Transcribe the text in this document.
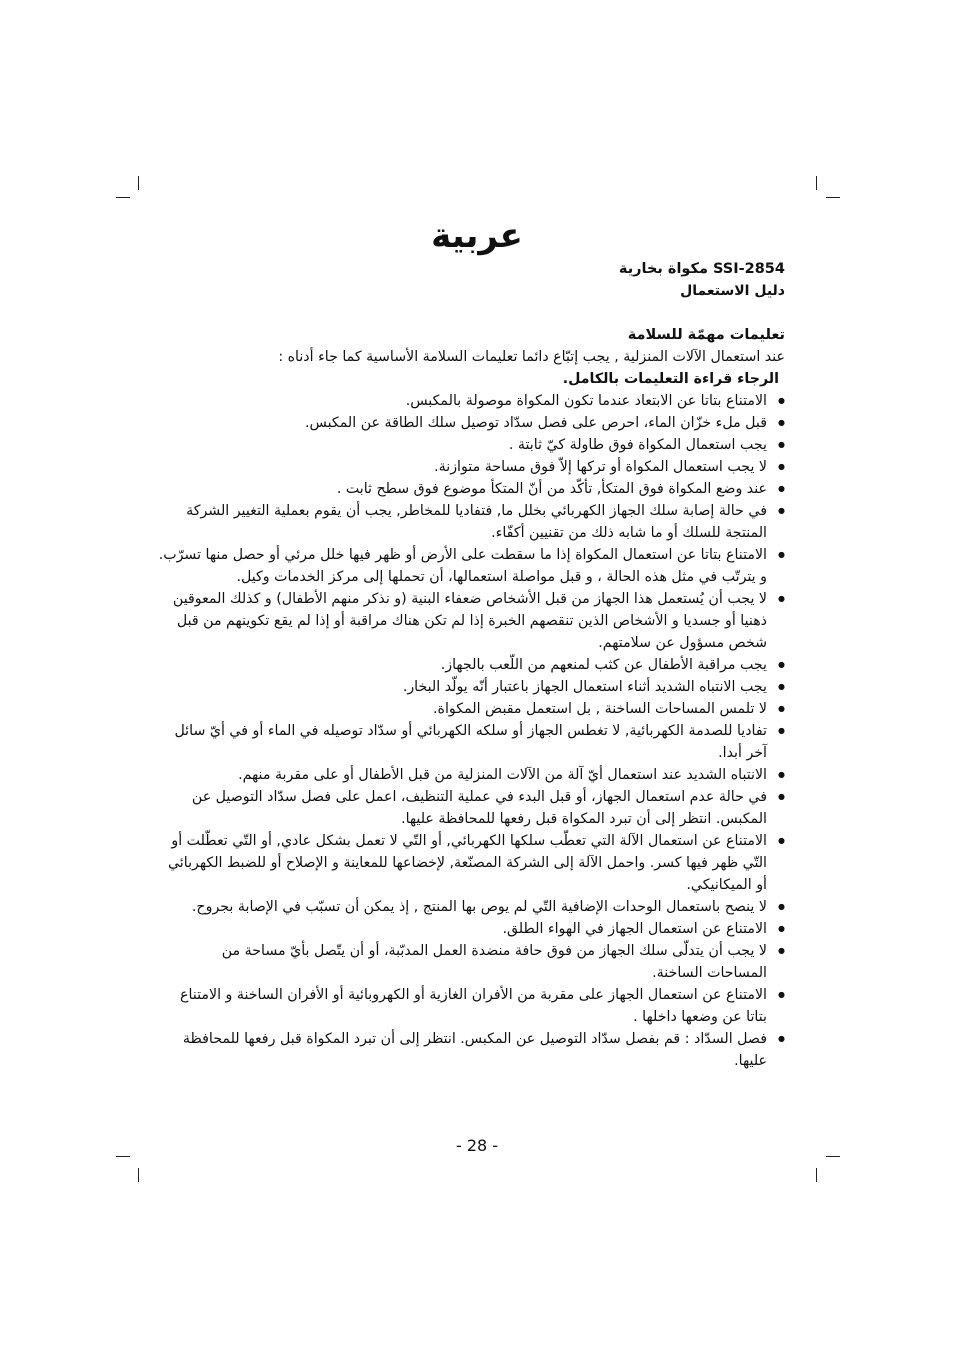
عربية
SSI-2854 مكواة بخارية
دليل الاستعمال
تعليمات مهمّة للسلامة
عند استعمال الآلات المنزلية , يجب إتبّاع دائما تعليمات السلامة الأساسية كما جاء أدناه :
الرجاء قراءة التعليمات بالكامل.
● الامتناع بتاتا عن الابتعاد عندما تكون المكواة موصولة بالمكبس.
● قبل ملء خزّان الماء، احرص على فصل سدّاد توصيل سلك الطاقة عن المكبس.
● يجب استعمال المكواة فوق طاولة كيّ ثابتة .
● لا يجب استعمال المكواة أو تركها إلاّ فوق مساحة متوازنة.
● عند وضع المكواة فوق المتكأ, تأكّد من أنّ المتكأ موضوع فوق سطح ثابت .
● في حالة إصابة سلك الجهاز الكهربائي بخلل ما, فتفاديا للمخاطر, يجب أن يقوم بعملية التغيير الشركة المنتجة للسلك أو ما شابه ذلك من تقنيين أكفّاء.
● الامتناع بتاتا عن استعمال المكواة إذا ما سقطت على الأرض أو ظهر فيها خلل مرئي أو حصل منها تسرّب. و يترتّب في مثل هذه الحالة ، و قبل مواصلة استعمالها، أن تحملها إلى مركز الخدمات وكيل.
● لا يجب أن يُستعمل هذا الجهاز من قبل الأشخاص ضعفاء البنية (و نذكر منهم الأطفال) و كذلك المعوقين ذهنيا أو جسديا و الأشخاص الذين تنقصهم الخبرة إذا لم تكن هناك مراقبة أو إذا لم يقع تكوينهم من قبل شخص مسؤول عن سلامتهم.
● يجب مراقبة الأطفال عن كثب لمنعهم من اللّعب بالجهاز.
● يجب الانتباه الشديد أثناء استعمال الجهاز باعتبار أنّه يولّد البخار.
● لا تلمس المساحات الساخنة , بل استعمل مقبض المكواة.
● تفاديا للصدمة الكهربائية, لا تغطس الجهاز أو سلكه الكهربائي أو سدّاد توصيله في الماء أو في أيّ سائل آخر أبدا.
● الانتباه الشديد عند استعمال أيّ آلة من الآلات المنزلية من قبل الأطفال أو على مقربة منهم.
● في حالة عدم استعمال الجهاز، أو قبل البدء في عملية التنظيف، اعمل على فصل سدّاد التوصيل عن المكبس. انتظر إلى أن تبرد المكواة قبل رفعها للمحافظة عليها.
● الامتناع عن استعمال الآلة التي تعطّب سلكها الكهربائي, أو التّي لا تعمل بشكل عادي, أو التّي تعطّلت أو التّي ظهر فيها كسر. واحمل الآلة إلى الشركة المصنّعة, لإخضاعها للمعاينة و الإصلاح أو للضبط الكهربائي أو الميكانيكي.
● لا ينصح باستعمال الوحدات الإضافية التّي لم يوص بها المنتج , إذ يمكن أن تسبّب في الإصابة بجروح.
● الامتناع عن استعمال الجهاز في الهواء الطلق.
● لا يجب أن يتدلّى سلك الجهاز من فوق حافة منضدة العمل المدبّبة، أو أن يتّصل بأيّ مساحة من المساحات الساخنة.
● الامتناع عن استعمال الجهاز على مقربة من الأفران الغازية أو الكهروبائية أو الأفران الساخنة و الامتناع بتاتا عن وضعها داخلها .
● فصل السدّاد : قم بفصل سدّاد التوصيل عن المكبس. انتظر إلى أن تبرد المكواة قبل رفعها للمحافظة عليها.
- 28 -
